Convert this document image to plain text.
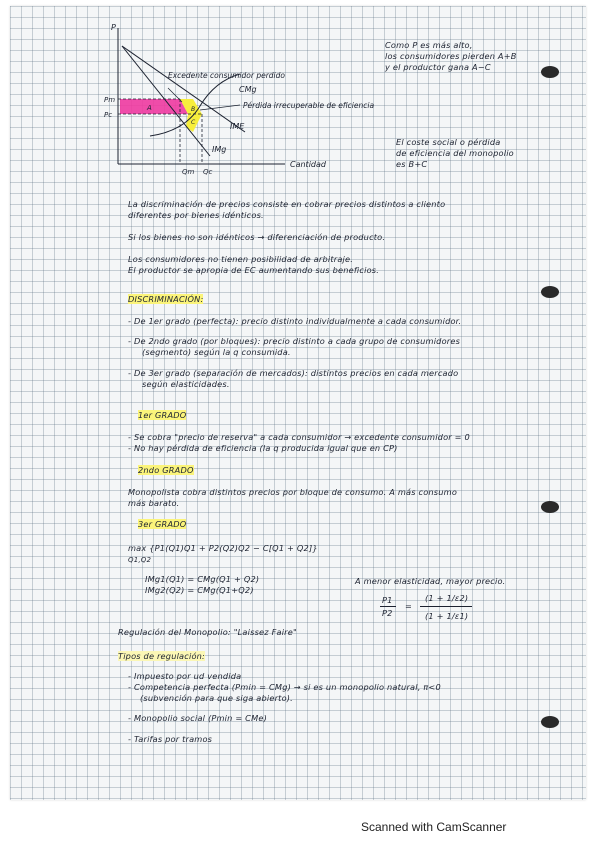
P
Pm
Pc
Qm Qc
Cantidad
A	B
C
CMg
IMg
IME
Excedente consumidor perdido
Pérdida irrecuperable de eficiencia
Como P es más alto,
los consumidores pierden A+B
y el productor gana A−C
El coste social o pérdida
de eficiencia del monopolio
es B+C
La discriminación de precios consiste en cobrar precios distintos a cliento
diferentes por bienes idénticos.
Si los bienes no son idénticos → diferenciación de producto.
Los consumidores no tienen posibilidad de arbitraje.
El productor se apropia de EC aumentando sus beneficios.
DISCRIMINACIÓN:
- De 1er grado (perfecta): precio distinto individualmente a cada consumidor.
- De 2ndo grado (por bloques): precio distinto a cada grupo de consumidores
(segmento) según la q consumida.
- De 3er grado (separación de mercados): distintos precios en cada mercado
según elasticidades.
1er GRADO
- Se cobra "precio de reserva" a cada consumidor → excedente consumidor = 0
- No hay pérdida de eficiencia (la q producida igual que en CP)
2ndo GRADO
Monopolista cobra distintos precios por bloque de consumo. A más consumo
más barato.
3er GRADO
max {P1(Q1)Q1 + P2(Q2)Q2 − C[Q1 + Q2]}
Q1,Q2
IMg1(Q1) = CMg(Q1 + Q2)
IMg2(Q2) = CMg(Q1+Q2)
A menor elasticidad, mayor precio.
P1
P2
=
(1 + 1/ε2)
(1 + 1/ε1)
Regulación del Monopolio: "Laissez Faire"
Tipos de regulación:
- Impuesto por ud vendida
- Competencia perfecta (Pmin = CMg) → si es un monopolio natural, π<0
(subvención para que siga abierto).
- Monopolio social (Pmin = CMe)
- Tarifas por tramos
Scanned with CamScanner
